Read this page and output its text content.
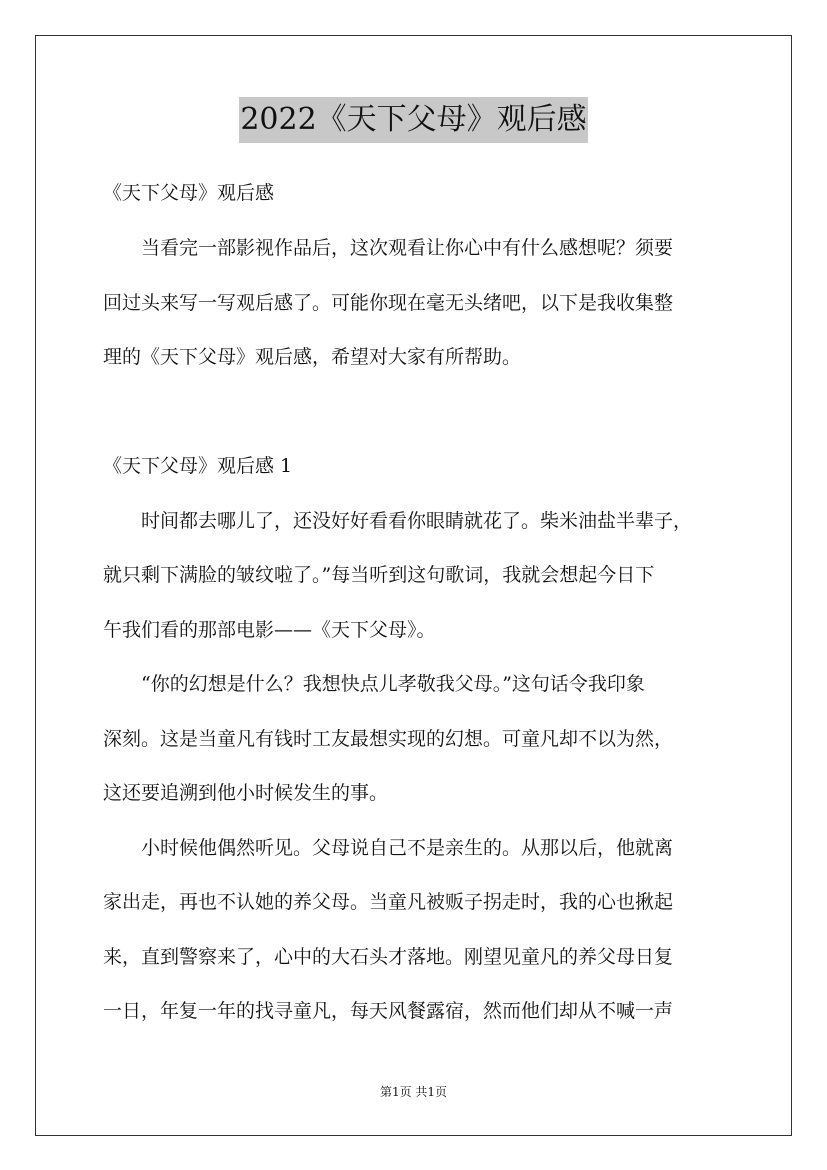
2022《天下父母》观后感
《天下父母》观后感
当看完一部影视作品后，这次观看让你心中有什么感想呢？须要
回过头来写一写观后感了。可能你现在毫无头绪吧，以下是我收集整
理的《天下父母》观后感，希望对大家有所帮助。
《天下父母》观后感 1
时间都去哪儿了，还没好好看看你眼睛就花了。柴米油盐半辈子，
就只剩下满脸的皱纹啦了。”每当听到这句歌词，我就会想起今日下
午我们看的那部电影——《天下父母》。
“你的幻想是什么？我想快点儿孝敬我父母。”这句话令我印象
深刻。这是当童凡有钱时工友最想实现的幻想。可童凡却不以为然，
这还要追溯到他小时候发生的事。
小时候他偶然听见。父母说自己不是亲生的。从那以后，他就离
家出走，再也不认她的养父母。当童凡被贩子拐走时，我的心也揪起
来，直到警察来了，心中的大石头才落地。刚望见童凡的养父母日复
一日，年复一年的找寻童凡，每天风餐露宿，然而他们却从不喊一声
第1页 共1页
